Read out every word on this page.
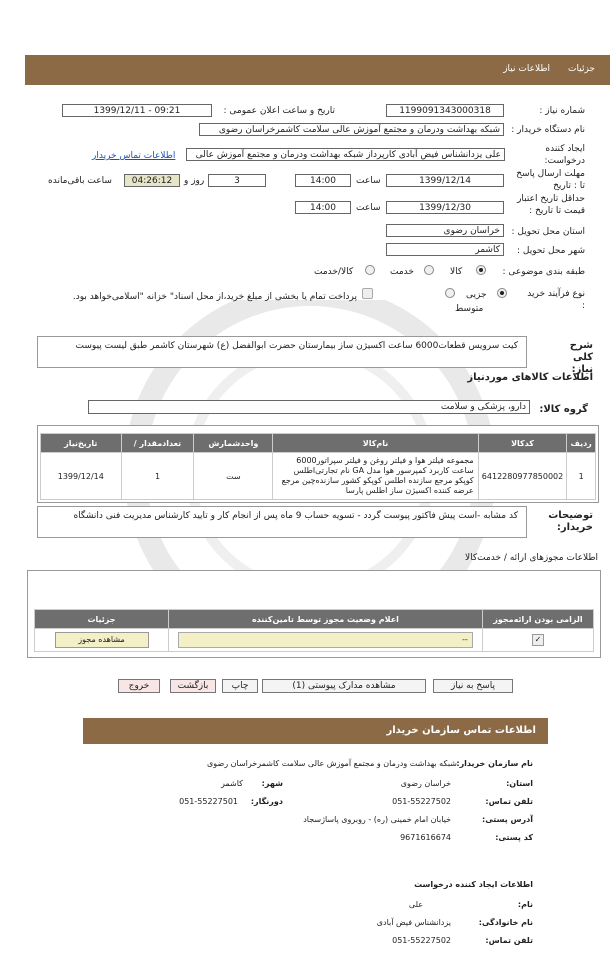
جزئیات
اطلاعات نیاز
شماره نیاز :
1199091343000318
تاریخ و ساعت اعلان عمومی :
1399/12/11 - 09:21
نام دستگاه خریدار :
شبکه بهداشت ودرمان و مجتمع آموزش عالی سلامت کاشمرخراسان رضوی
ایجاد کننده درخواست:
علی یزدانشناس فیض آبادی کارپرداز شبکه بهداشت ودرمان و مجتمع آموزش عالی
اطلاعات تماس خریدار
مهلت ارسال پاسخ تا : تاریخ
1399/12/14
ساعت
14:00
3
روز و
04:26:12
ساعت باقی‌مانده
حداقل تاریخ اعتبار قیمت تا تاریخ :
1399/12/30
ساعت
14:00
استان محل تحویل :
خراسان رضوی
شهر محل تحویل :
کاشمر
طبقه بندی موضوعی :
کالا
خدمت
کالا/خدمت
نوع فرآیند خرید :
جزیی
متوسط
پرداخت تمام یا بخشی از مبلغ خرید،از محل اسناد" خزانه "اسلامی‌خواهد بود.
شرح کلی نیاز:
کیت سرویس قطعات6000 ساعت اکسیژن ساز بیمارستان حضرت ابوالفضل (ع) شهرستان کاشمر طبق لیست پیوست
اطلاعات کالاهای موردنیاز
گروه کالا:
دارو، پزشکی و سلامت
ردیف	کدکالا	نام‌کالا	واحدشمارش	تعدادمقدار /	تاریخ‌نیاز
1	6412280977850002	مجموعه فیلتر هوا و فیلتر روغن و فیلتر سپراتور6000 ساعت کاربرد کمپرسور هوا مدل GA نام تجارتی‌اطلس کوپکو مرجع سازنده اطلس کوپکو کشور سازنده‌چین مرجع عرضه کننده اکسیژن ساز اطلس پارسا	ست	1	1399/12/14
توضیحات خریدار:
کد مشابه -است پیش فاکتور پیوست گردد - تسویه حساب 9 ماه پس از انجام کار و تایید کارشناس مدیریت فنی دانشگاه
اطلاعات مجوزهای ارائه / خدمت‌کالا
الزامی بودن ارائه‌مجوز	اعلام وضعیت مجوز توسط تامین‌کننده	جزئیات
✓	--	مشاهده مجوز
پاسخ به نیاز
مشاهده مدارک پیوستی (1)
چاپ
بازگشت
خروج
اطلاعات تماس سازمان خریدار
نام سازمان خریدار:
شبکه بهداشت ودرمان و مجتمع آموزش عالی سلامت کاشمرخراسان رضوی
استان:
خراسان رضوی
شهر:
کاشمر
تلفن تماس:
051-55227502
دورنگار:
051-55227501
آدرس پستی:
خیابان امام خمینی (ره) - روبروی پاساژسجاد
کد پستی:
9671616674
اطلاعات ایجاد کننده درخواست
نام:
علی
نام خانوادگی:
یزدانشناس فیض آبادی
تلفن تماس:
051-55227502
